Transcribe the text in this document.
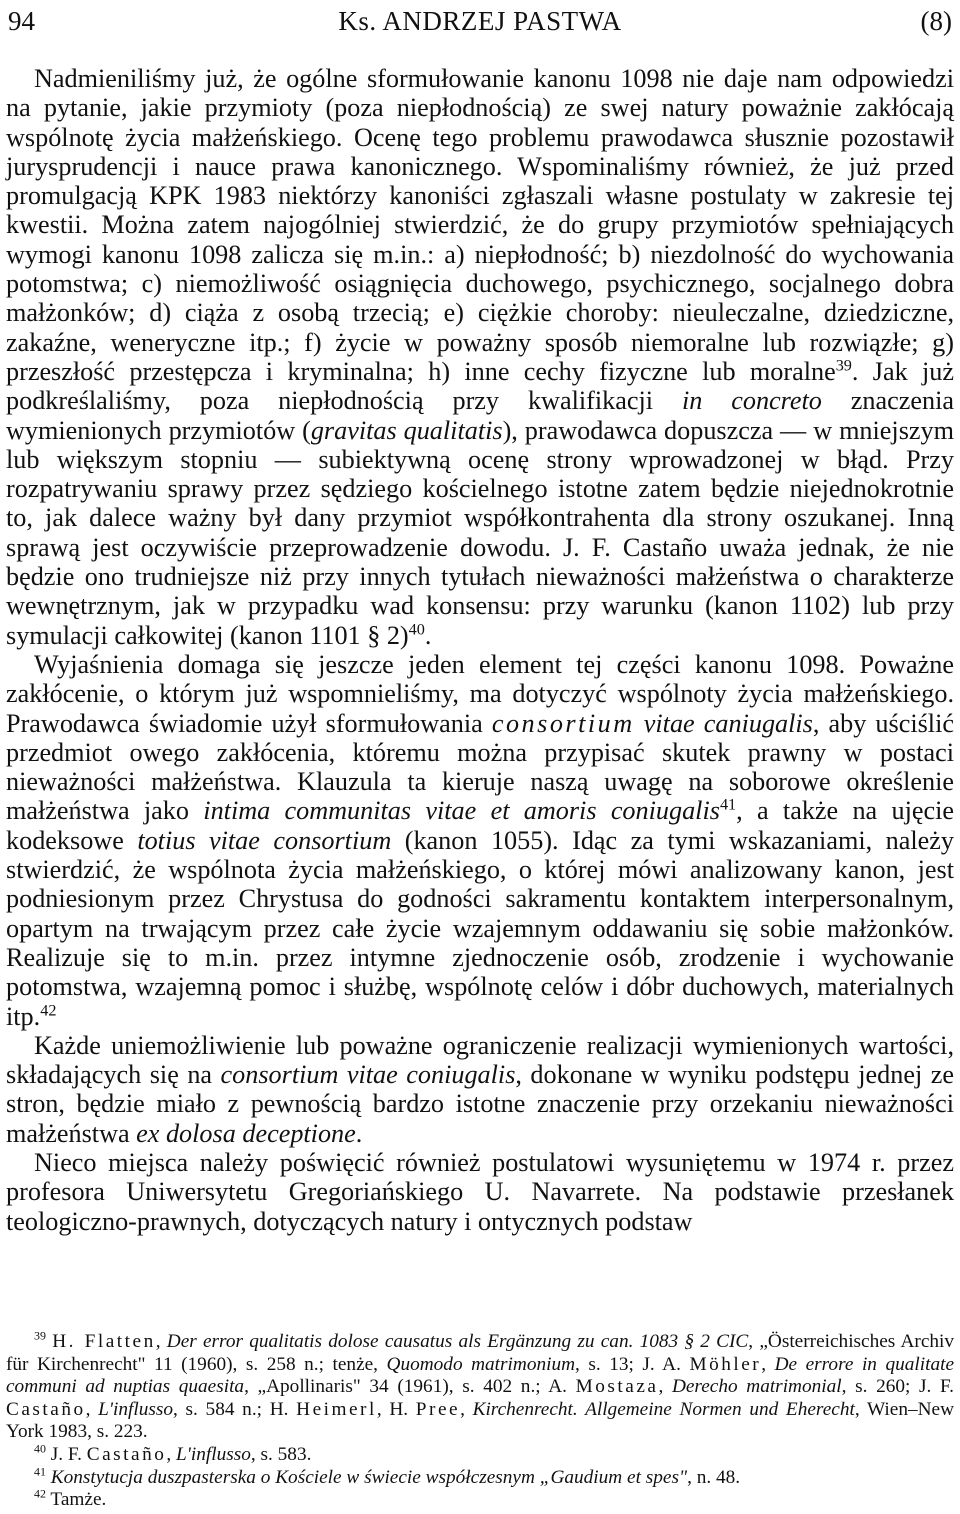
94	Ks. ANDRZEJ PASTWA	(8)

Nadmieniliśmy już, że ogólne sformułowanie kanonu 1098 nie daje nam odpowiedzi na pytanie, jakie przymioty (poza niepłodnością) ze swej natury poważnie zakłócają wspólnotę życia małżeńskiego. Ocenę tego problemu prawodawca słusznie pozostawił jurysprudencji i nauce prawa kanonicznego. Wspominaliśmy również, że już przed promulgacją KPK 1983 niektórzy kanoniści zgłaszali własne postulaty w zakresie tej kwestii. Można zatem najogólniej stwierdzić, że do grupy przymiotów spełniających wymogi kanonu 1098 zalicza się m.in.: a) niepłodność; b) niezdolność do wychowania potomstwa; c) niemożliwość osiągnięcia duchowego, psychicznego, socjalnego dobra małżonków; d) ciąża z osobą trzecią; e) ciężkie choroby: nieuleczalne, dziedziczne, zakaźne, weneryczne itp.; f) życie w poważny sposób niemoralne lub rozwiązłe; g) przeszłość przestępcza i kryminalna; h) inne cechy fizyczne lub moralne$^{39}$. Jak już podkreślaliśmy, poza niepłodnością przy kwalifikacji in concreto znaczenia wymienionych przymiotów (gravitas qualitatis), prawodawca dopuszcza — w mniejszym lub większym stopniu — subiektywną ocenę strony wprowadzonej w błąd. Przy rozpatrywaniu sprawy przez sędziego kościelnego istotne zatem będzie niejednokrotnie to, jak dalece ważny był dany przymiot współkontrahenta dla strony oszukanej. Inną sprawą jest oczywiście przeprowadzenie dowodu. J. F. Castaño uważa jednak, że nie będzie ono trudniejsze niż przy innych tytułach nieważności małżeństwa o charakterze wewnętrznym, jak w przypadku wad konsensu: przy warunku (kanon 1102) lub przy symulacji całkowitej (kanon 1101 § 2)$^{40}$.

Wyjaśnienia domaga się jeszcze jeden element tej części kanonu 1098. Poważne zakłócenie, o którym już wspomnieliśmy, ma dotyczyć wspólnoty życia małżeńskiego. Prawodawca świadomie użył sformułowania consortium vitae caniugalis, aby uściślić przedmiot owego zakłócenia, któremu można przypisać skutek prawny w postaci nieważności małżeństwa. Klauzula ta kieruje naszą uwagę na soborowe określenie małżeństwa jako intima communitas vitae et amoris coniugalis$^{41}$, a także na ujęcie kodeksowe totius vitae consortium (kanon 1055). Idąc za tymi wskazaniami, należy stwierdzić, że wspólnota życia małżeńskiego, o której mówi analizowany kanon, jest podniesionym przez Chrystusa do godności sakramentu kontaktem interpersonalnym, opartym na trwającym przez całe życie wzajemnym oddawaniu się sobie małżonków. Realizuje się to m.in. przez intymne zjednoczenie osób, zrodzenie i wychowanie potomstwa, wzajemną pomoc i służbę, wspólnotę celów i dóbr duchowych, materialnych itp.$^{42}$

Każde uniemożliwienie lub poważne ograniczenie realizacji wymienionych wartości, składających się na consortium vitae coniugalis, dokonane w wyniku podstępu jednej ze stron, będzie miało z pewnością bardzo istotne znaczenie przy orzekaniu nieważności małżeństwa ex dolosa deceptione.

Nieco miejsca należy poświęcić również postulatowi wysuniętemu w 1974 r. przez profesora Uniwersytetu Gregoriańskiego U. Navarrete. Na podstawie przesłanek teologiczno-prawnych, dotyczących natury i ontycznych podstaw

$^{39}$ H. Flatten, Der error qualitatis dolose causatus als Ergänzung zu can. 1083 § 2 CIC, „Österreichisches Archiv für Kirchenrecht" 11 (1960), s. 258 n.; tenże, Quomodo matrimonium, s. 13; J. A. Möhler, De errore in qualitate communi ad nuptias quaesita, „Apollinaris" 34 (1961), s. 402 n.; A. Mostaza, Derecho matrimonial, s. 260; J. F. Castaño, L'influsso, s. 584 n.; H. Heimerl, H. Pree, Kirchenrecht. Allgemeine Normen und Eherecht, Wien–New York 1983, s. 223.

$^{40}$ J. F. Castaño, L'influsso, s. 583.

$^{41}$ Konstytucja duszpasterska o Kościele w świecie współczesnym „Gaudium et spes", n. 48.

$^{42}$ Tamże.
